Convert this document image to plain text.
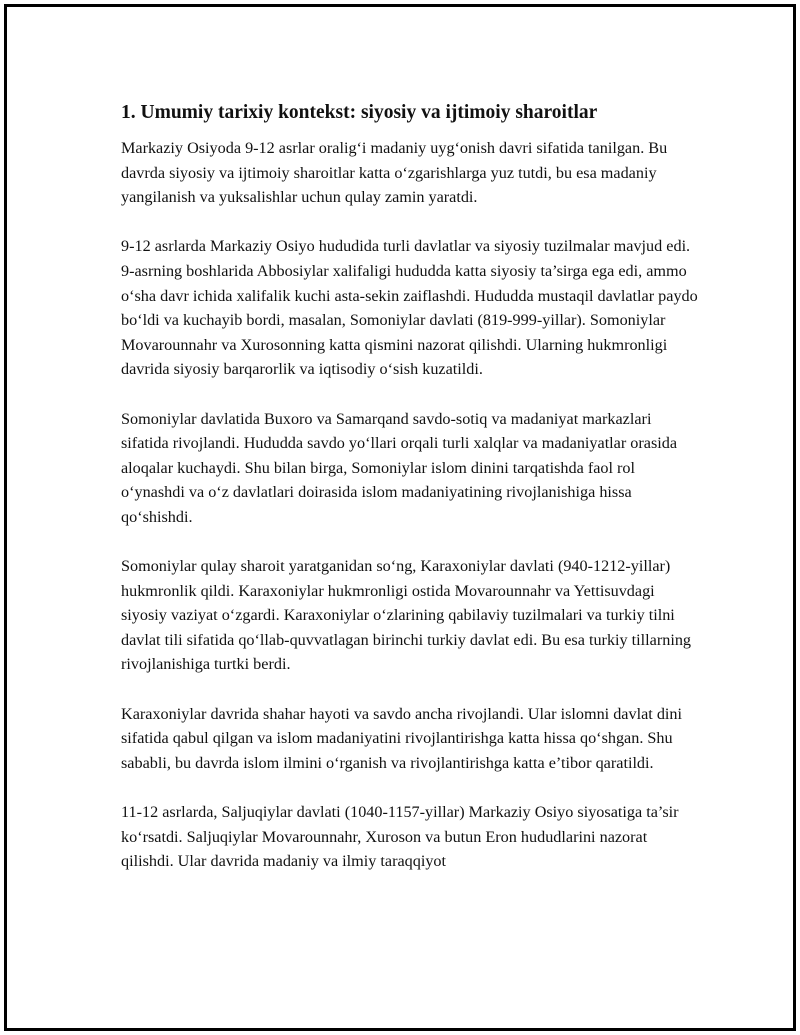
1. Umumiy tarixiy kontekst: siyosiy va ijtimoiy sharoitlar

Markaziy Osiyoda 9-12 asrlar oralig‘i madaniy uyg‘onish davri sifatida tanilgan. Bu davrda siyosiy va ijtimoiy sharoitlar katta o‘zgarishlarga yuz tutdi, bu esa madaniy yangilanish va yuksalishlar uchun qulay zamin yaratdi.

9-12 asrlarda Markaziy Osiyo hududida turli davlatlar va siyosiy tuzilmalar mavjud edi. 9-asrning boshlarida Abbosiylar xalifaligi hududda katta siyosiy ta’sirga ega edi, ammo o‘sha davr ichida xalifalik kuchi asta-sekin zaiflashdi. Hududda mustaqil davlatlar paydo bo‘ldi va kuchayib bordi, masalan, Somoniylar davlati (819-999-yillar). Somoniylar Movarounnahr va Xurosonning katta qismini nazorat qilishdi. Ularning hukmronligi davrida siyosiy barqarorlik va iqtisodiy o‘sish kuzatildi.

Somoniylar davlatida Buxoro va Samarqand savdo-sotiq va madaniyat markazlari sifatida rivojlandi. Hududda savdo yo‘llari orqali turli xalqlar va madaniyatlar orasida aloqalar kuchaydi. Shu bilan birga, Somoniylar islom dinini tarqatishda faol rol o‘ynashdi va o‘z davlatlari doirasida islom madaniyatining rivojlanishiga hissa qo‘shishdi.

Somoniylar qulay sharoit yaratganidan so‘ng, Karaxoniylar davlati (940-1212-yillar) hukmronlik qildi. Karaxoniylar hukmronligi ostida Movarounnahr va Yettisuvdagi siyosiy vaziyat o‘zgardi. Karaxoniylar o‘zlarining qabilaviy tuzilmalari va turkiy tilni davlat tili sifatida qo‘llab-quvvatlagan birinchi turkiy davlat edi. Bu esa turkiy tillarning rivojlanishiga turtki berdi.

Karaxoniylar davrida shahar hayoti va savdo ancha rivojlandi. Ular islomni davlat dini sifatida qabul qilgan va islom madaniyatini rivojlantirishga katta hissa qo‘shgan. Shu sababli, bu davrda islom ilmini o‘rganish va rivojlantirishga katta e’tibor qaratildi.

11-12 asrlarda, Saljuqiylar davlati (1040-1157-yillar) Markaziy Osiyo siyosatiga ta’sir ko‘rsatdi. Saljuqiylar Movarounnahr, Xuroson va butun Eron hududlarini nazorat qilishdi. Ular davrida madaniy va ilmiy taraqqiyot
